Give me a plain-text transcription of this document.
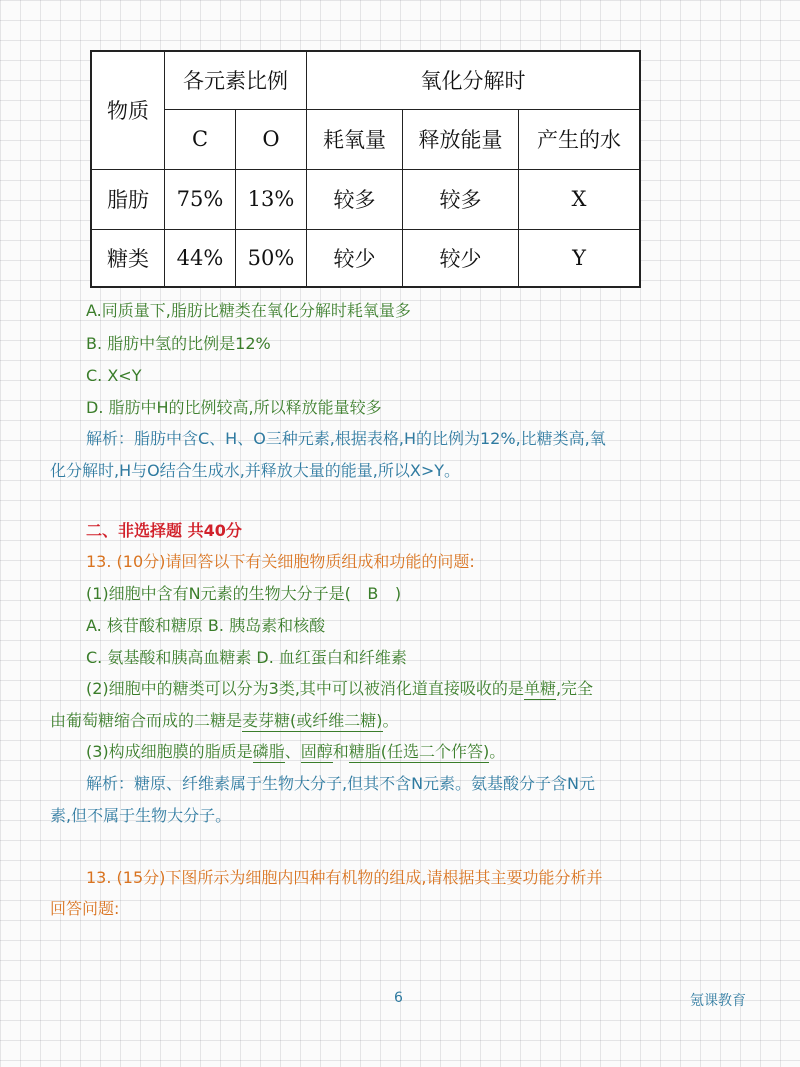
物质	各元素比例		氧化分解时		
	C	O	耗氧量	释放能量	产生的水
脂肪	75%	13%	较多	较多	X
糖类	44%	50%	较少	较少	Y
A.同质量下,脂肪比糖类在氧化分解时耗氧量多
B. 脂肪中氢的比例是12%
C. X<Y
D. 脂肪中H的比例较高,所以释放能量较多
解析：脂肪中含C、H、O三种元素,根据表格,H的比例为12%,比糖类高,氧
化分解时,H与O结合生成水,并释放大量的能量,所以X>Y。
二、非选择题 共40分
13. (10分)请回答以下有关细胞物质组成和功能的问题:
(1)细胞中含有N元素的生物大分子是( B )
A. 核苷酸和糖原 B. 胰岛素和核酸
C. 氨基酸和胰高血糖素 D. 血红蛋白和纤维素
(2)细胞中的糖类可以分为3类,其中可以被消化道直接吸收的是单糖,完全
由葡萄糖缩合而成的二糖是麦芽糖(或纤维二糖)。
(3)构成细胞膜的脂质是磷脂、固醇和糖脂(任选二个作答)。
解析：糖原、纤维素属于生物大分子,但其不含N元素。氨基酸分子含N元
素,但不属于生物大分子。
13. (15分)下图所示为细胞内四种有机物的组成,请根据其主要功能分析并
回答问题:
6	氪课教育
